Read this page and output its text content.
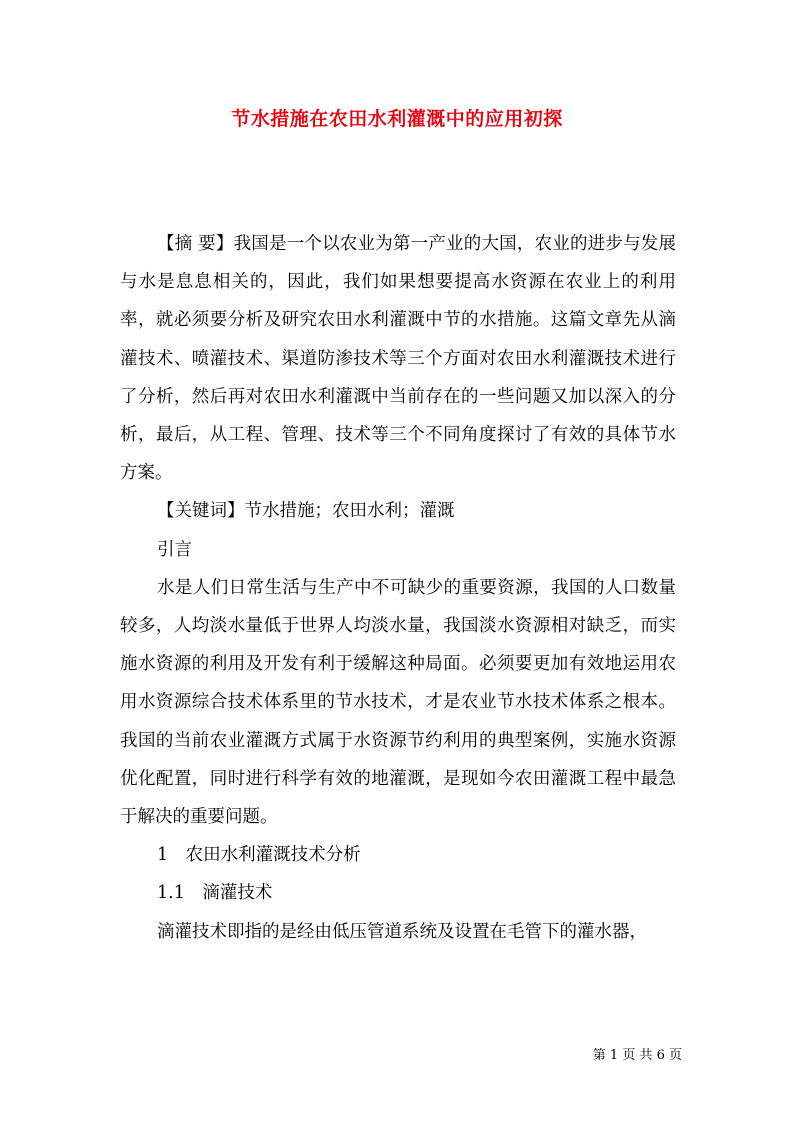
节水措施在农田水利灌溉中的应用初探

【摘 要】我国是一个以农业为第一产业的大国，农业的进步与发展与水是息息相关的，因此，我们如果想要提高水资源在农业上的利用率，就必须要分析及研究农田水利灌溉中节的水措施。这篇文章先从滴灌技术、喷灌技术、渠道防渗技术等三个方面对农田水利灌溉技术进行了分析，然后再对农田水利灌溉中当前存在的一些问题又加以深入的分析，最后，从工程、管理、技术等三个不同角度探讨了有效的具体节水方案。

【关键词】节水措施；农田水利；灌溉

引言

水是人们日常生活与生产中不可缺少的重要资源，我国的人口数量较多，人均淡水量低于世界人均淡水量，我国淡水资源相对缺乏，而实施水资源的利用及开发有利于缓解这种局面。必须要更加有效地运用农用水资源综合技术体系里的节水技术，才是农业节水技术体系之根本。我国的当前农业灌溉方式属于水资源节约利用的典型案例，实施水资源优化配置，同时进行科学有效的地灌溉，是现如今农田灌溉工程中最急于解决的重要问题。

1　农田水利灌溉技术分析

1.1　滴灌技术

滴灌技术即指的是经由低压管道系统及设置在毛管下的灌水器，

第 1 页 共 6 页
